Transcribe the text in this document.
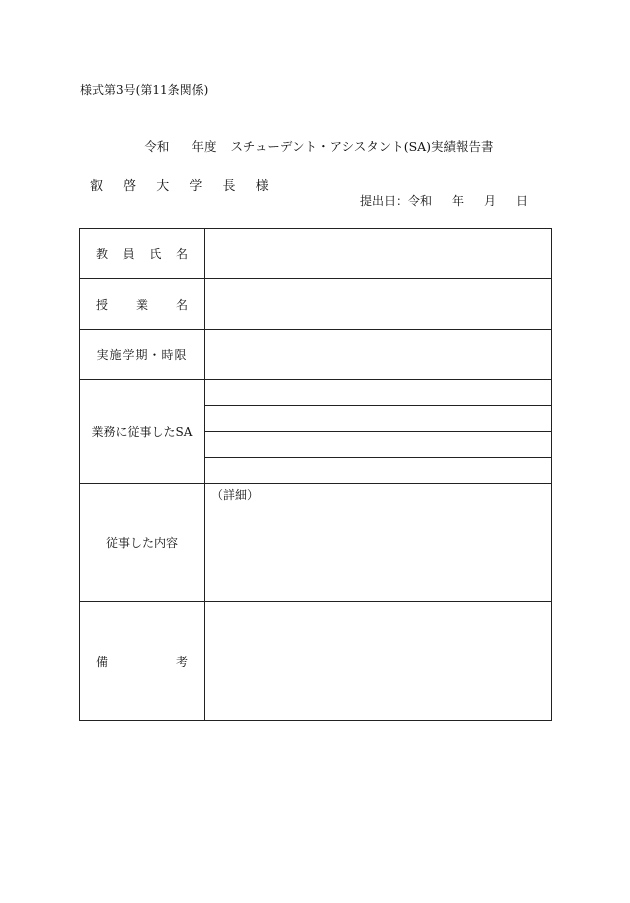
様式第3号(第11条関係)
令和 年度 スチューデント・アシスタント(SA)実績報告書
叡 啓 大 学 長 様
提出日：令和 年 月 日
教 員 氏 名	

授 業 名	

実施学期・時限	
業務に従事したSA	

従事した内容	（詳細）

備 考	
